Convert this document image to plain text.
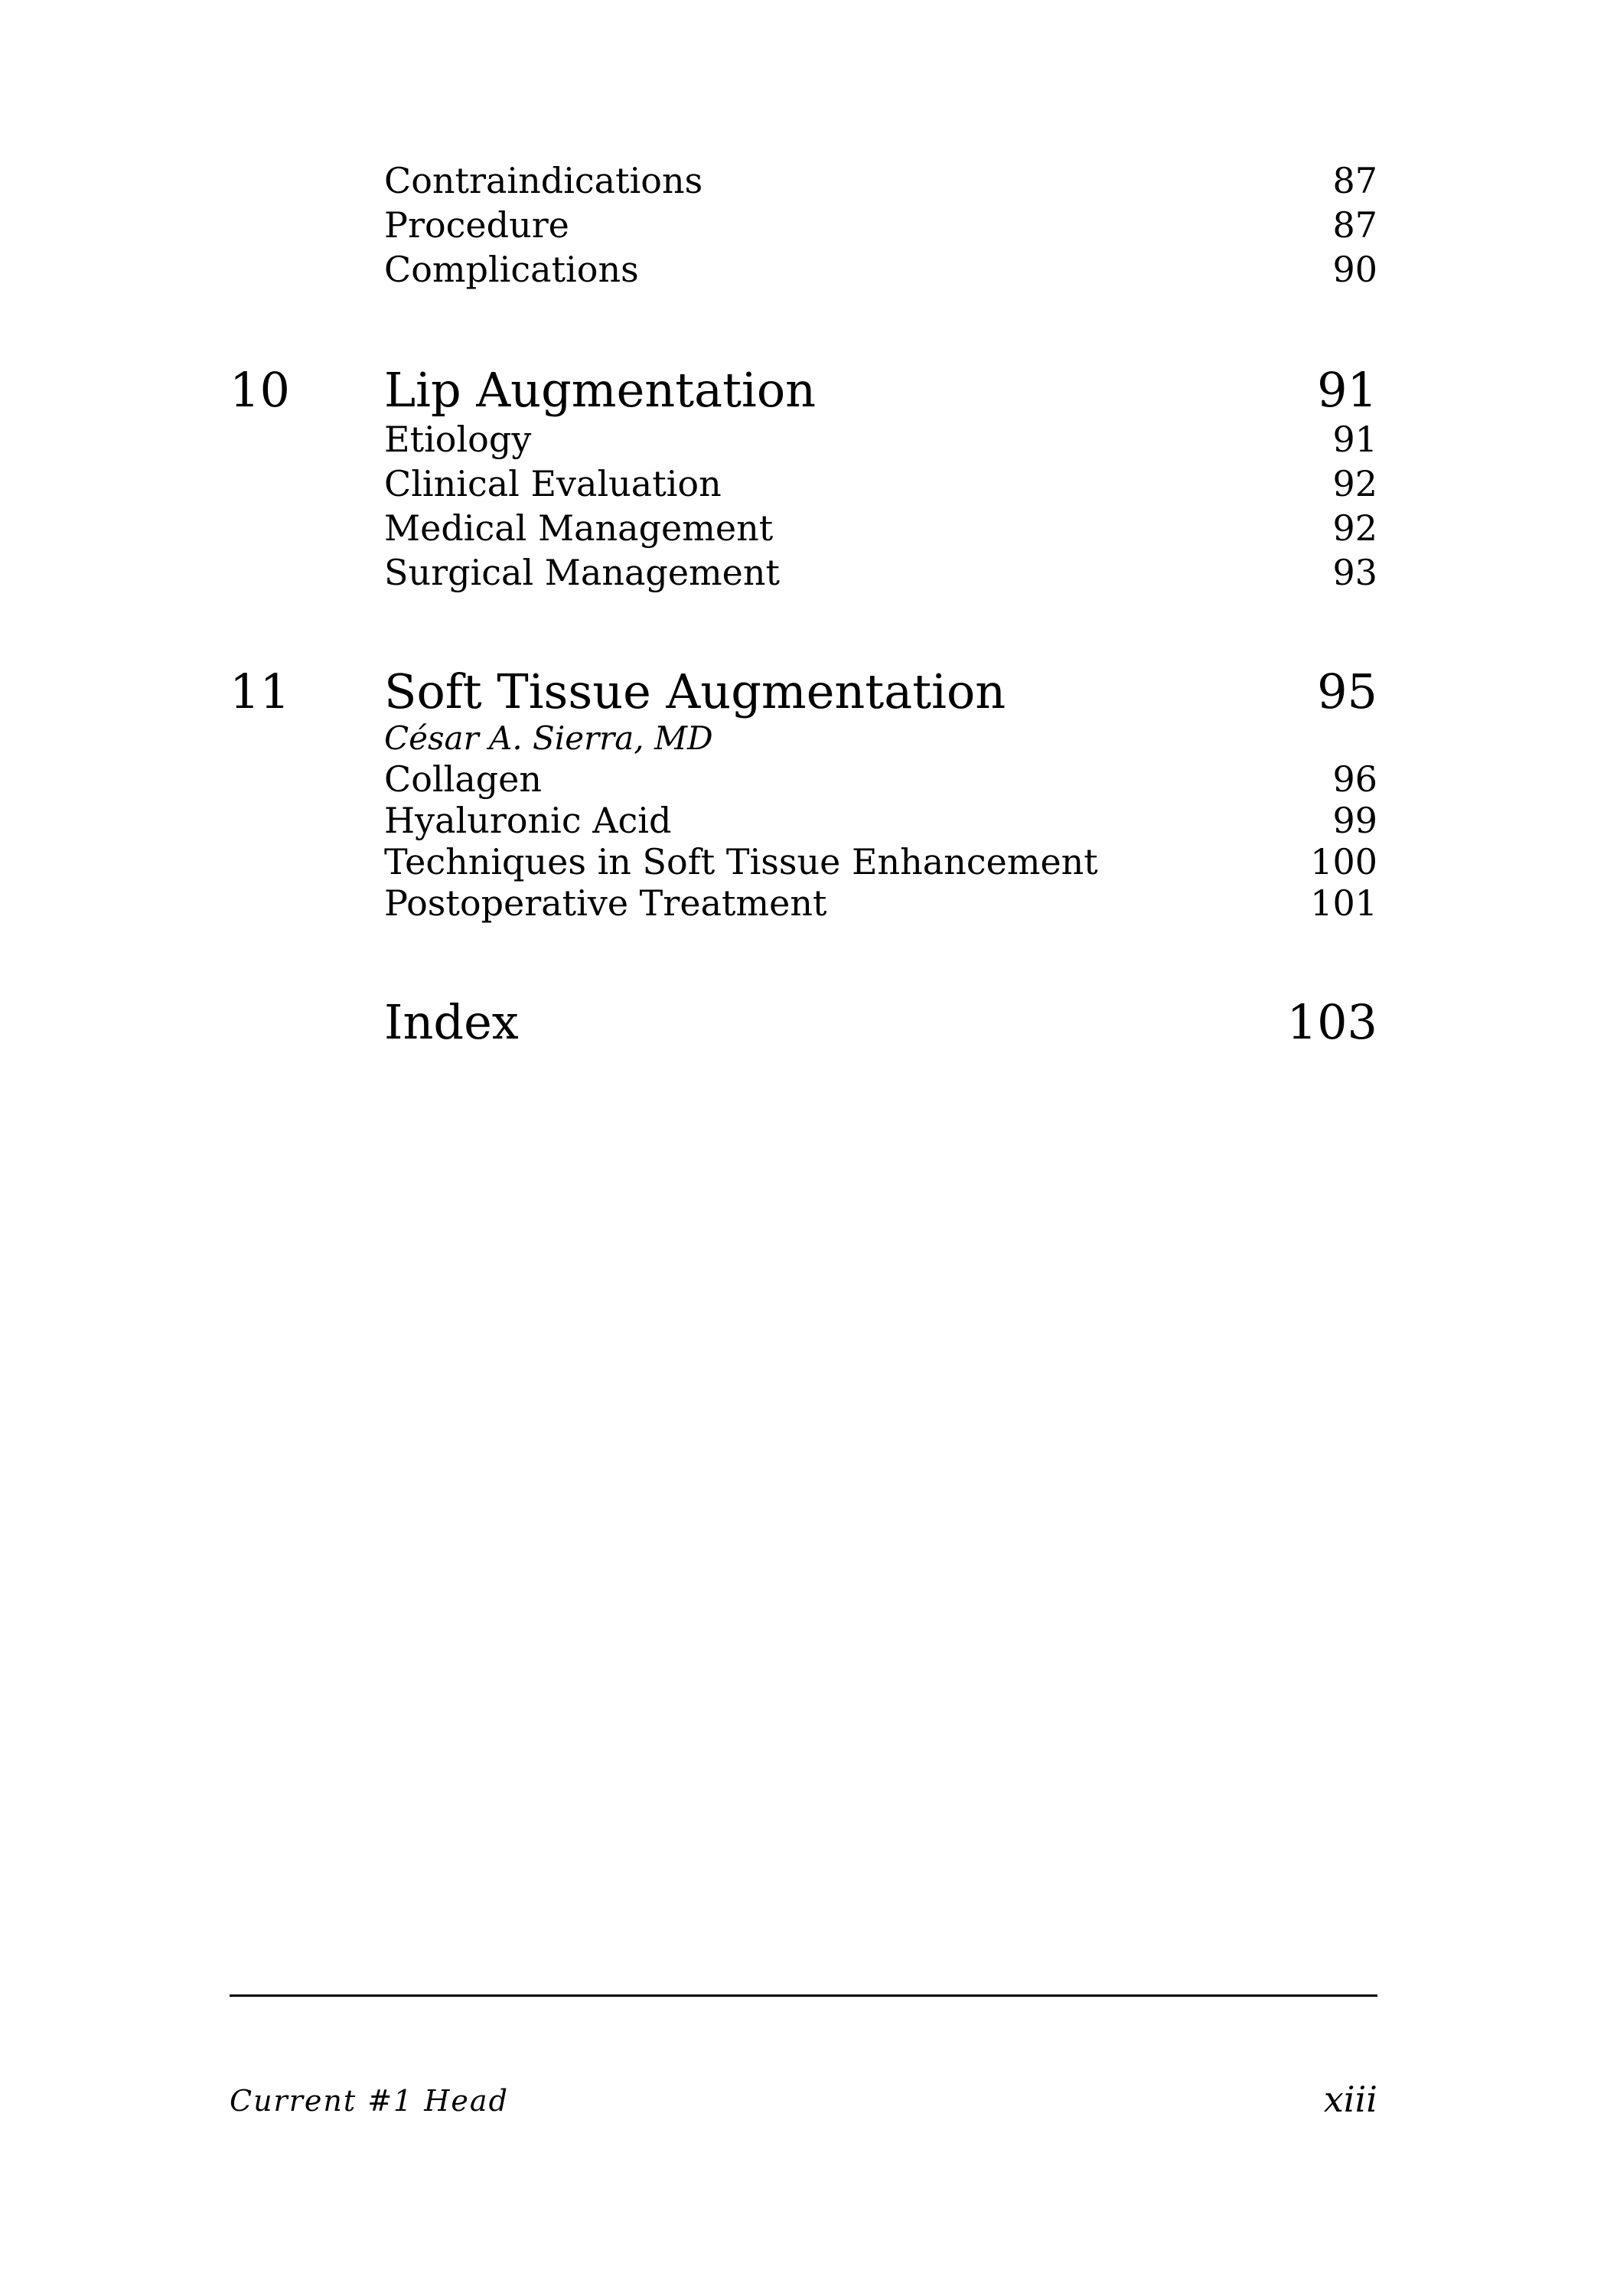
Contraindications	87
Procedure	87
Complications	90
10 Lip Augmentation	91
Etiology	91
Clinical Evaluation	92
Medical Management	92
Surgical Management	93
11 Soft Tissue Augmentation	95
César A. Sierra, MD
Collagen	96
Hyaluronic Acid	99
Techniques in Soft Tissue Enhancement	100
Postoperative Treatment	101
Index	103
Current #1 Head	xiii
